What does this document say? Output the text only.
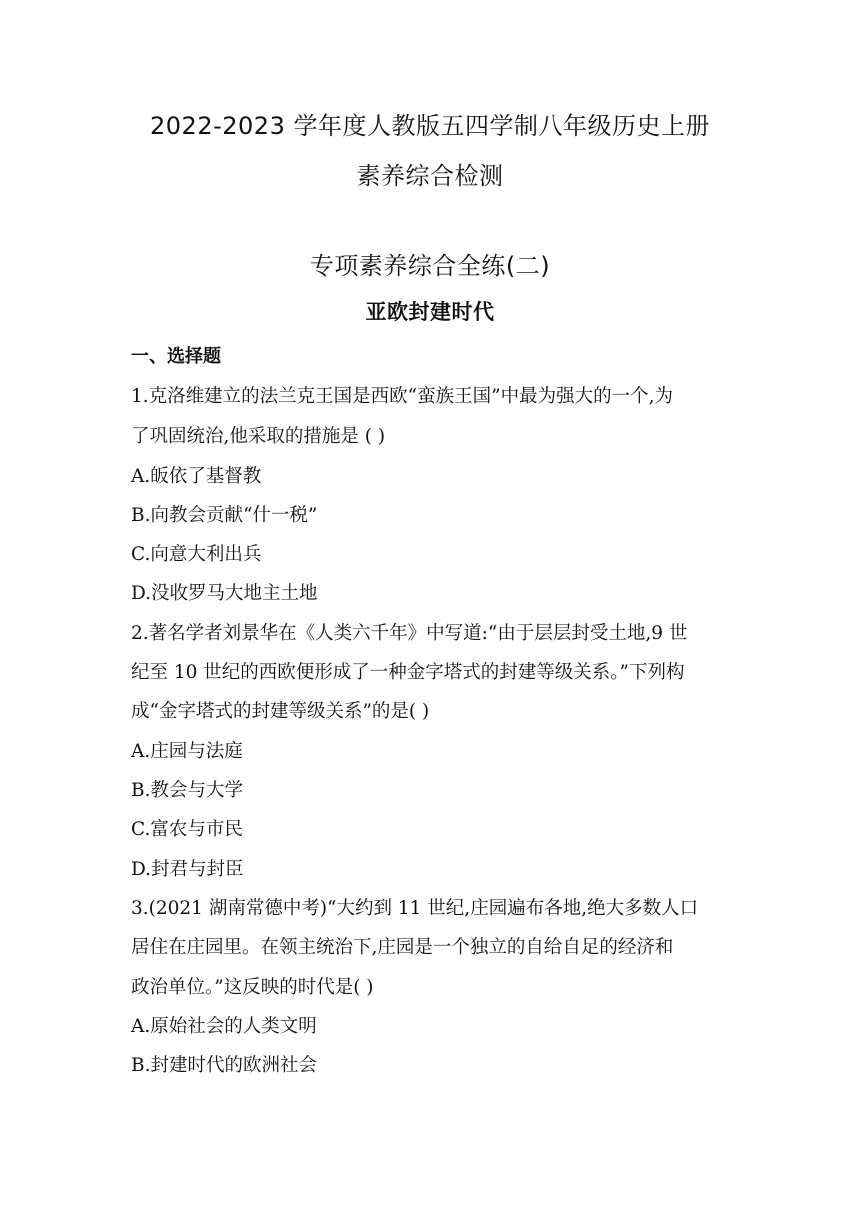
2022-2023 学年度人教版五四学制八年级历史上册
素养综合检测
专项素养综合全练(二)
亚欧封建时代
一、选择题
1.克洛维建立的法兰克王国是西欧“蛮族王国”中最为强大的一个,为
了巩固统治,他采取的措施是 ( )
A.皈依了基督教
B.向教会贡献“什一税”
C.向意大利出兵
D.没收罗马大地主土地
2.著名学者刘景华在《人类六千年》中写道:“由于层层封受土地,9 世
纪至 10 世纪的西欧便形成了一种金字塔式的封建等级关系。”下列构
成“金字塔式的封建等级关系”的是( )
A.庄园与法庭
B.教会与大学
C.富农与市民
D.封君与封臣
3.(2021 湖南常德中考)“大约到 11 世纪,庄园遍布各地,绝大多数人口
居住在庄园里。在领主统治下,庄园是一个独立的自给自足的经济和
政治单位。”这反映的时代是( )
A.原始社会的人类文明
B.封建时代的欧洲社会
